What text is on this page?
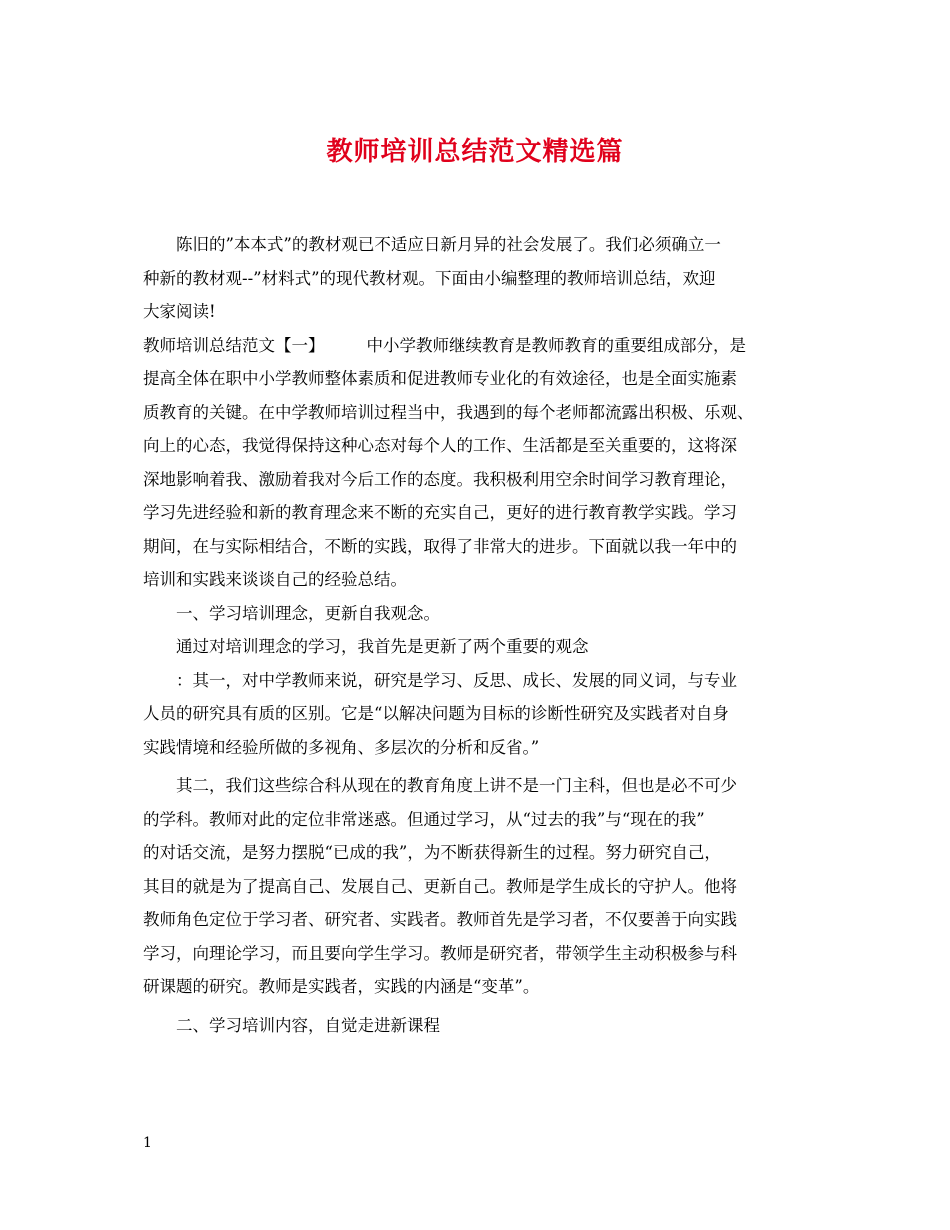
教师培训总结范文精选篇
陈旧的”本本式”的教材观已不适应日新月异的社会发展了。我们必须确立一
种新的教材观--”材料式”的现代教材观。下面由小编整理的教师培训总结，欢迎
大家阅读!
教师培训总结范文【一】	中小学教师继续教育是教师教育的重要组成部分，是
提高全体在职中小学教师整体素质和促进教师专业化的有效途径，也是全面实施素
质教育的关键。在中学教师培训过程当中，我遇到的每个老师都流露出积极、乐观、
向上的心态，我觉得保持这种心态对每个人的工作、生活都是至关重要的，这将深
深地影响着我、激励着我对今后工作的态度。我积极利用空余时间学习教育理论，
学习先进经验和新的教育理念来不断的充实自己，更好的进行教育教学实践。学习
期间，在与实际相结合，不断的实践，取得了非常大的进步。下面就以我一年中的
培训和实践来谈谈自己的经验总结。
一、学习培训理念，更新自我观念。
通过对培训理念的学习，我首先是更新了两个重要的观念
：其一，对中学教师来说，研究是学习、反思、成长、发展的同义词，与专业
人员的研究具有质的区别。它是“以解决问题为目标的诊断性研究及实践者对自身
实践情境和经验所做的多视角、多层次的分析和反省。”
其二，我们这些综合科从现在的教育角度上讲不是一门主科，但也是必不可少
的学科。教师对此的定位非常迷惑。但通过学习，从“过去的我”与“现在的我”
的对话交流，是努力摆脱“已成的我”，为不断获得新生的过程。努力研究自己，
其目的就是为了提高自己、发展自己、更新自己。教师是学生成长的守护人。他将
教师角色定位于学习者、研究者、实践者。教师首先是学习者，不仅要善于向实践
学习，向理论学习，而且要向学生学习。教师是研究者，带领学生主动积极参与科
研课题的研究。教师是实践者，实践的内涵是“变革”。
二、学习培训内容，自觉走进新课程
1
